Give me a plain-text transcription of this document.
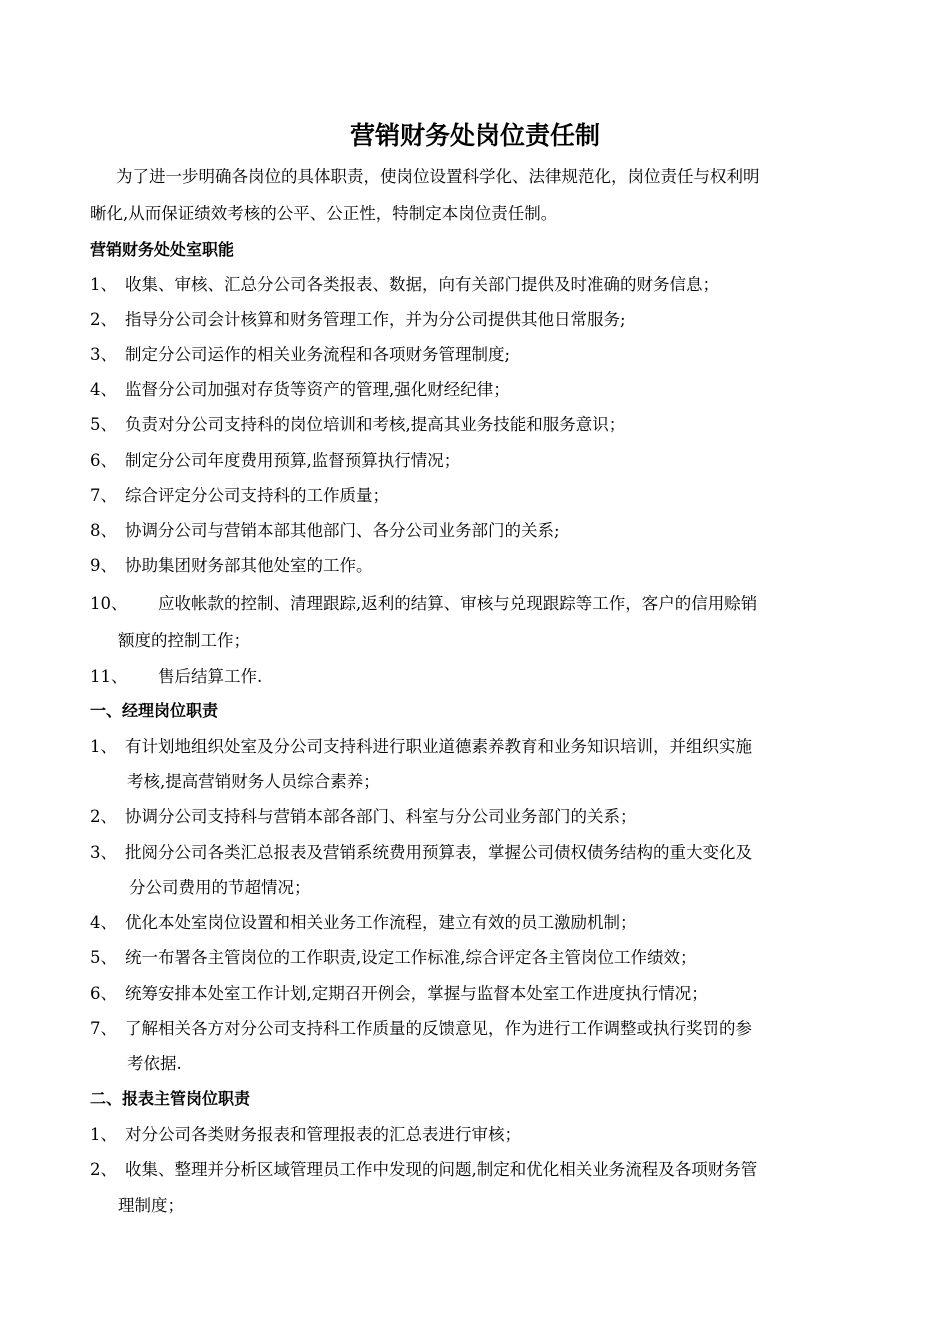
营销财务处岗位责任制
为了进一步明确各岗位的具体职责，使岗位设置科学化、法律规范化，岗位责任与权利明
晰化,从而保证绩效考核的公平、公正性，特制定本岗位责任制。
营销财务处处室职能
1、 收集、审核、汇总分公司各类报表、数据，向有关部门提供及时准确的财务信息；
2、 指导分公司会计核算和财务管理工作，并为分公司提供其他日常服务;
3、 制定分公司运作的相关业务流程和各项财务管理制度;
4、 监督分公司加强对存货等资产的管理,强化财经纪律；
5、 负责对分公司支持科的岗位培训和考核,提高其业务技能和服务意识；
6、 制定分公司年度费用预算,监督预算执行情况；
7、 综合评定分公司支持科的工作质量；
8、 协调分公司与营销本部其他部门、各分公司业务部门的关系;
9、 协助集团财务部其他处室的工作。
10、 应收帐款的控制、清理跟踪,返利的结算、审核与兑现跟踪等工作，客户的信用赊销
额度的控制工作；
11、 售后结算工作.
一、经理岗位职责
1、 有计划地组织处室及分公司支持科进行职业道德素养教育和业务知识培训，并组织实施
考核,提高营销财务人员综合素养；
2、 协调分公司支持科与营销本部各部门、科室与分公司业务部门的关系；
3、 批阅分公司各类汇总报表及营销系统费用预算表，掌握公司债权债务结构的重大变化及
分公司费用的节超情况；
4、 优化本处室岗位设置和相关业务工作流程，建立有效的员工激励机制；
5、 统一布署各主管岗位的工作职责,设定工作标准,综合评定各主管岗位工作绩效；
6、 统筹安排本处室工作计划,定期召开例会，掌握与监督本处室工作进度执行情况；
7、 了解相关各方对分公司支持科工作质量的反馈意见，作为进行工作调整或执行奖罚的参
考依据.
二、报表主管岗位职责
1、 对分公司各类财务报表和管理报表的汇总表进行审核；
2、 收集、整理并分析区域管理员工作中发现的问题,制定和优化相关业务流程及各项财务管
理制度；
